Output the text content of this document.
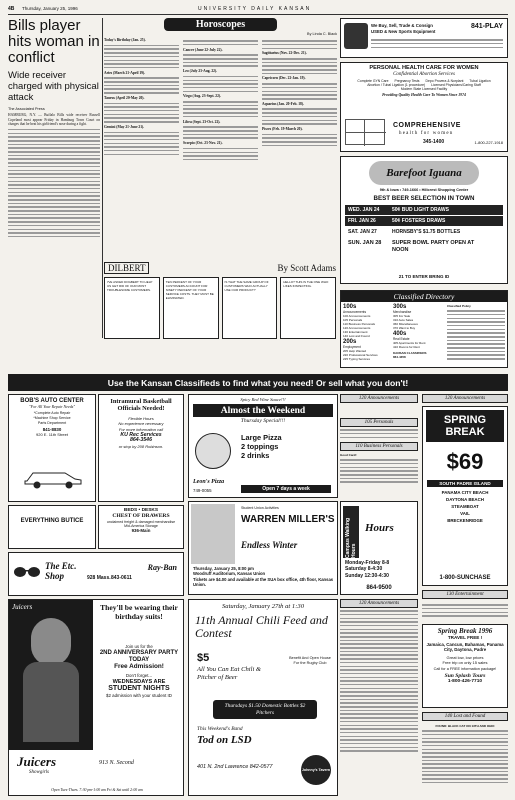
4B Thursday, January 25, 1996	UNIVERSITY DAILY KANSAN
Bills player hits woman in conflict
Wide receiver charged with physical attack
The Associated Press
HAMBURG, N.Y. — Buffalo Bills wide receiver Russell Copeland most appear Friday in Hamburg Town Court on charges that he beat his girlfriend's nose during a fight.
Horoscopes
By Linda C. Black
Today's Birthday (Jan. 25).
Aries (March 21-April 19).
Taurus (April 20-May 20).
Gemini (May 21-June 21).
Cancer (June 22-July 22).
Leo (July 23-Aug. 22).
Virgo (Aug. 23-Sept. 22).
Libra (Sept. 23-Oct. 22).
Scorpio (Oct. 23-Nov. 21).
Sagittarius (Nov. 22-Dec. 21).
Capricorn (Dec. 22-Jan. 19).
Aquarius (Jan. 20-Feb. 18).
Pisces (Feb. 19-March 20).
We Buy, Sell, Trade & Consign
USED & New Sports Equipment
841-PLAY
PERSONAL HEALTH CARE FOR WOMEN
Confidential Abortion Services
Complete GYN Care Pregnancy Tests Depo Provera & Norplant Tubal Ligation
Abortion / Tubal Ligation (1 procedure) Licensed Physicians/Caring Staff
Modern State Licensed Facility
Providing Quality Health Care To Women Since 1974
COMPREHENSIVE
health for women
345-1400	1-800-227-1918
Barefoot Iguana
9th & Iowa • 749-1666 • Hillcrest Shopping Center
BEST BEER SELECTION IN TOWN
WED. JAN 24	50¢ BUD LIGHT DRAWS
FRI. JAN 26	50¢ FOSTERS DRAWS
SAT. JAN 27	HORNSBY'S $1.75 BOTTLES
SUN. JAN 28	SUPER BOWL PARTY OPEN AT NOON
21 TO ENTER BRING ID
DILBERT	By Scott Adams
I'VE ASKED DOGBERT TO HELP US GET RID OF OUR MOST TROUBLESOME CUSTOMERS.
TEN PERCENT OF YOUR CUSTOMERS ACCOUNT FOR NINETY PERCENT OF YOUR SERVICE COSTS. THEY MUST BE ELIMINATED.
IS THAT THE SAME GROUP OF CUSTOMERS WHO ACTUALLY USE OUR PRODUCT?
HELLO? THIS IS THE ONE WHO LIKES INSPECTING.
Classified Directory
100s
Announcements
100 Announcements
105 Personals
110 Business Personals
120 Announcements
130 Entertainment
140 Lost and Found
200s
Employment
205 Help Wanted
220 Professional Services
225 Typing Services
300s
Merchandise
305 For Sale
310 Auto Sales
360 Miscellaneous
370 Want to Buy
400s
Real Estate
405 Apartments for Rent
410 Rooms for Rent
KANSAN CLASSIFIEDS
864-4358
Classified Policy
Use the Kansan Classifieds to find what you need! Or sell what you don't!
BOB'S AUTO CENTER
"For All Your Repair Needs"
*Complete Auto Repair
*Machine Shop Service
Parts Department
841-8830
920 E. 11th Street
Intramural Basketball Officials Needed!
Flexible Hours
No experience necessary
For more information call
KU Rec Services
864-3546
or stop by 208 Robinson.
EVERYTHING BUTICE
BEDS • DESKS
CHEST OF DRAWERS
unclaimed freight & damaged merchandise
Mid-America Storage
936-Main
The Etc. Shop	928 Mass. 843-0611
Ray-Ban
Juicers	They'll be wearing their birthday suits!
Join us for the
2ND ANNIVERSARY PARTY TODAY
Free Admission!
Don't forget...
WEDNESDAYS ARE
STUDENT NIGHTS
$2 admission with your student ID
Juicers
Showgirls
913 N. Second
Open Tues-Thurs. 7:30 pm-1:00 am Fri & Sat until 2:00 am
Spicy Red Wine Sauce!!!
Almost the Weekend
Thursday Special!!!
Large Pizza
2 toppings
2 drinks
Leon's Pizza
749-0055	Open 7 days a week
Student Union Activities
WARREN MILLER'S
Endless Winter
Thursday, January 25, 8:00 pm
Woodruff Auditorium, Kansas Union
Tickets are $4.00 and available at the SUA box office, 4th floor, Kansas Union.
Saturday, January 27th at 1:30
11th Annual Chili Feed and Contest
$5
All You Can Eat Chili &
Pitcher of Beer
Benefit And Open House For the Rugby Club
Thursdays $1.50 Domestic Bottles $2 Pitchers
This Weekend's Band
Tod on LSD
401 N. 2nd Lawrence 842-0577	Johnny's Tavern
Campus Walking Hours
Hours
Monday-Friday 8-8
Saturday 8-4:30
Sunday 12:30-4:30
864-9500
105 Personals
110 Business Personals
Good Card!
120 Announcements
120 Announcements
120 Announcements
SPRING BREAK
$69
SOUTH PADRE ISLAND
PANAMA CITY BEACH
DAYTONA BEACH
STEAMBOAT
VAIL
BRECKENRIDGE
1-800-SUNCHASE
130 Entertainment
Spring Break 1996
TRAVEL FREE !
Jamaica, Cancun, Bahamas, Panama City, Daytona, Padre
Great low, low prices
Free trip on only 15 sales
Call for a FREE information package!
Sun Splash Tours
1-800-426-7710
140 Lost and Found
FOUND: BLACK CAT ON 13TH AND OHIO
